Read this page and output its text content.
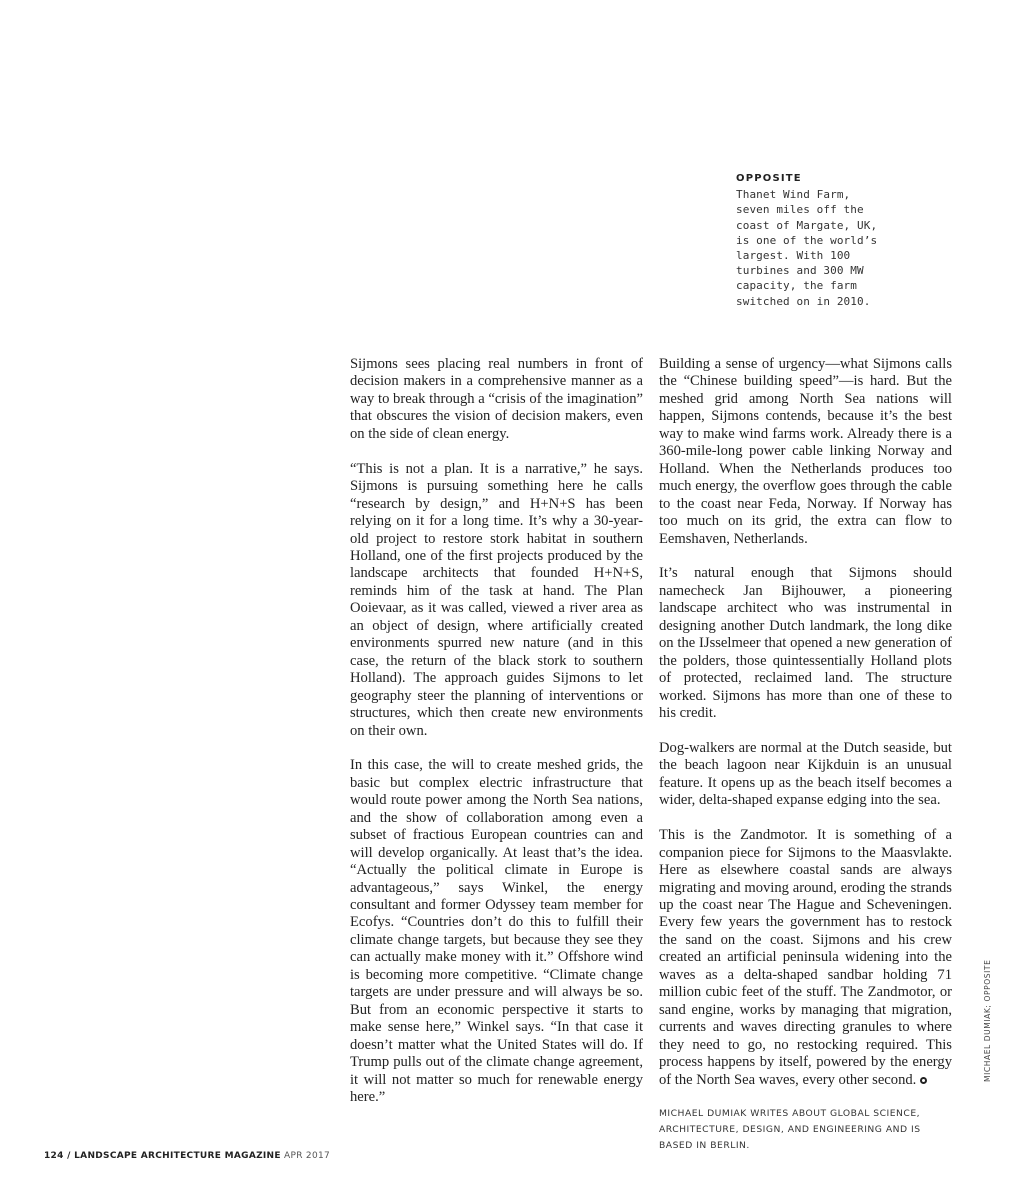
OPPOSITE
Thanet Wind Farm,
seven miles off the
coast of Margate, UK,
is one of the world’s
largest. With 100
turbines and 300 MW
capacity, the farm
switched on in 2010.

Sijmons sees placing real numbers in front of decision makers in a comprehensive manner as a way to break through a “crisis of the imagination” that obscures the vision of decision makers, even on the side of clean energy.

“This is not a plan. It is a narrative,” he says. Sijmons is pursuing something here he calls “research by design,” and H+N+S has been relying on it for a long time. It’s why a 30-year-old project to restore stork habitat in southern Holland, one of the first projects produced by the landscape architects that founded H+N+S, reminds him of the task at hand. The Plan Ooievaar, as it was called, viewed a river area as an object of design, where artificially created environments spurred new nature (and in this case, the return of the black stork to southern Holland). The approach guides Sijmons to let geography steer the planning of interventions or structures, which then create new environments on their own.

In this case, the will to create meshed grids, the basic but complex electric infrastructure that would route power among the North Sea nations, and the show of collaboration among even a subset of fractious European countries can and will develop organically. At least that’s the idea. “Actually the political climate in Europe is advantageous,” says Winkel, the energy consultant and former Odyssey team member for Ecofys. “Countries don’t do this to fulfill their climate change targets, but because they see they can actually make money with it.” Offshore wind is becoming more competitive. “Climate change targets are under pressure and will always be so. But from an economic perspective it starts to make sense here,” Winkel says. “In that case it doesn’t matter what the United States will do. If Trump pulls out of the climate change agreement, it will not matter so much for renewable energy here.”

Building a sense of urgency—what Sijmons calls the “Chinese building speed”—is hard. But the meshed grid among North Sea nations will happen, Sijmons contends, because it’s the best way to make wind farms work. Already there is a 360-mile-long power cable linking Norway and Holland. When the Netherlands produces too much energy, the overflow goes through the cable to the coast near Feda, Norway. If Norway has too much on its grid, the extra can flow to Eemshaven, Netherlands.

It’s natural enough that Sijmons should namecheck Jan Bijhouwer, a pioneering landscape architect who was instrumental in designing another Dutch landmark, the long dike on the IJsselmeer that opened a new generation of the polders, those quintessentially Holland plots of protected, reclaimed land. The structure worked. Sijmons has more than one of these to his credit.

Dog-walkers are normal at the Dutch seaside, but the beach lagoon near Kijkduin is an unusual feature. It opens up as the beach itself becomes a wider, delta-shaped expanse edging into the sea.

This is the Zandmotor. It is something of a companion piece for Sijmons to the Maasvlakte. Here as elsewhere coastal sands are always migrating and moving around, eroding the strands up the coast near The Hague and Scheveningen. Every few years the government has to restock the sand on the coast. Sijmons and his crew created an artificial peninsula widening into the waves as a delta-shaped sandbar holding 71 million cubic feet of the stuff. The Zandmotor, or sand engine, works by managing that migration, currents and waves directing granules to where they need to go, no restocking required. This process happens by itself, powered by the energy of the North Sea waves, every other second.

MICHAEL DUMIAK WRITES ABOUT GLOBAL SCIENCE, ARCHITECTURE, DESIGN, AND ENGINEERING AND IS BASED IN BERLIN.
MICHAEL DUMIAK; OPPOSITE
124 / LANDSCAPE ARCHITECTURE MAGAZINE APR 2017
